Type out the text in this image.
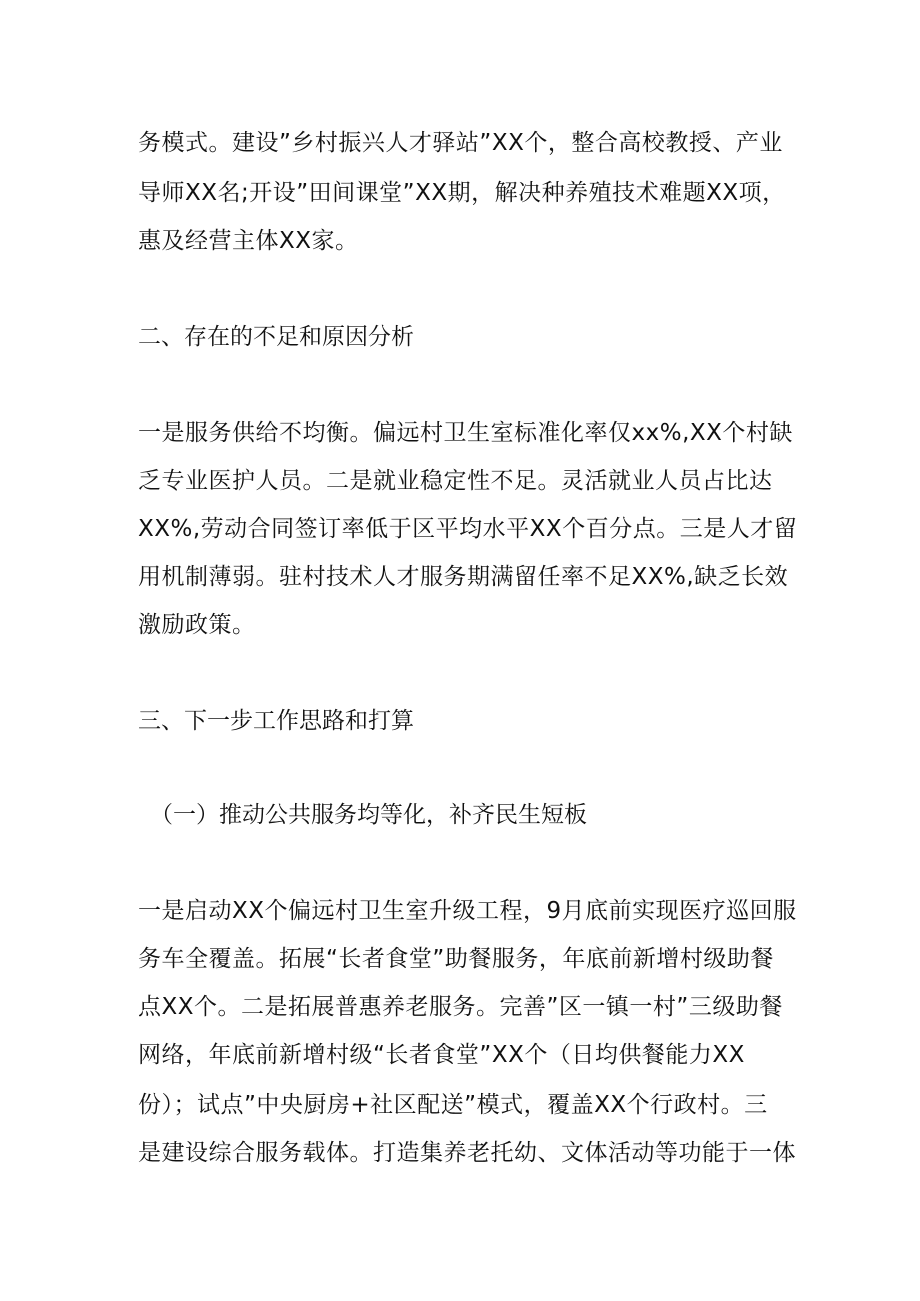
务模式。建设”乡村振兴人才驿站”XX个，整合高校教授、产业
导师XX名;开设”田间课堂”XX期，解决种养殖技术难题XX项，
惠及经营主体XX家。
二、存在的不足和原因分析
一是服务供给不均衡。偏远村卫生室标准化率仅xx%,XX个村缺
乏专业医护人员。二是就业稳定性不足。灵活就业人员占比达
XX%,劳动合同签订率低于区平均水平XX个百分点。三是人才留
用机制薄弱。驻村技术人才服务期满留任率不足XX%,缺乏长效
激励政策。
三、下一步工作思路和打算
（一）推动公共服务均等化，补齐民生短板
一是启动XX个偏远村卫生室升级工程，9月底前实现医疗巡回服
务车全覆盖。拓展“长者食堂”助餐服务，年底前新增村级助餐
点XX个。二是拓展普惠养老服务。完善”区一镇一村”三级助餐
网络，年底前新增村级“长者食堂”XX个（日均供餐能力XX
份）；试点”中央厨房+社区配送”模式，覆盖XX个行政村。三
是建设综合服务载体。打造集养老托幼、文体活动等功能于一体
